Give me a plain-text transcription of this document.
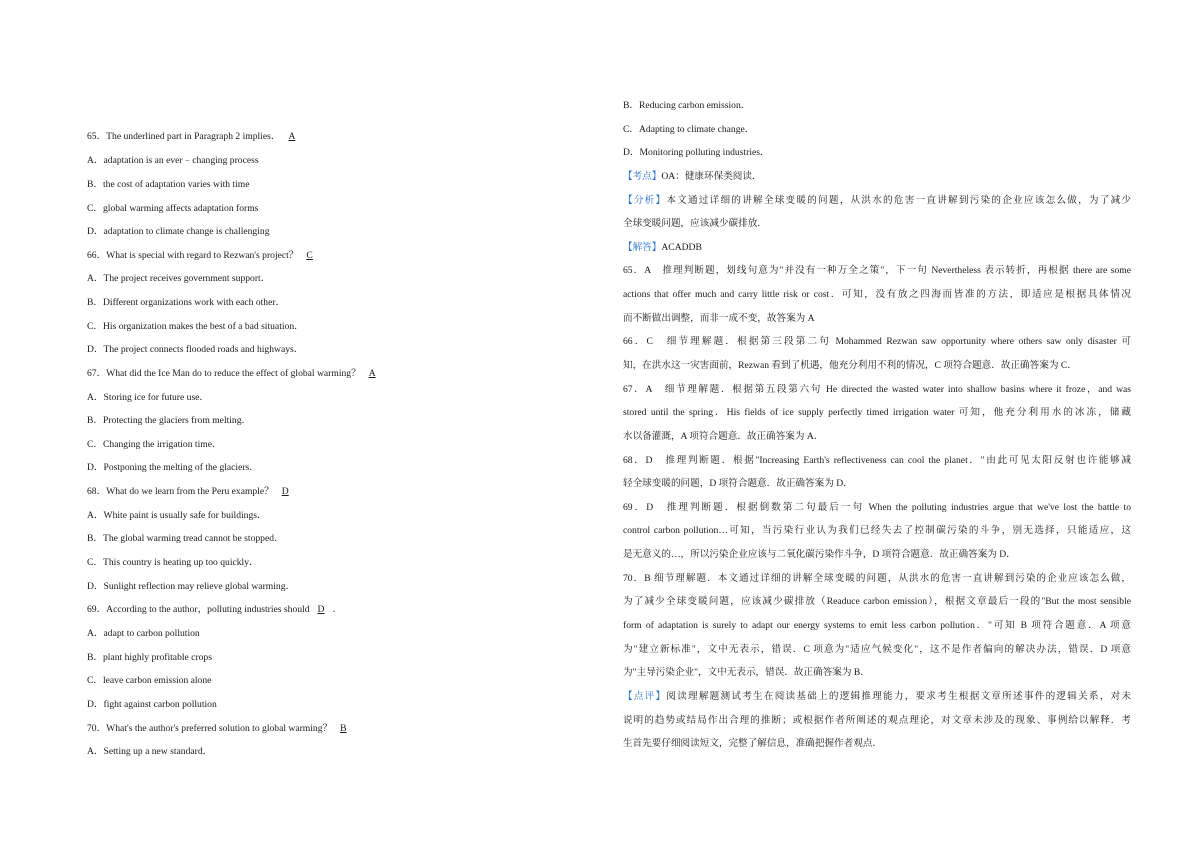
65．The underlined part in Paragraph 2 implies． A
A．adaptation is an ever﹣changing process
B．the cost of adaptation varies with time
C．global warming affects adaptation forms
D．adaptation to climate change is challenging
66．What is special with regard to Rezwan's project？ C
A．The project receives government support．
B．Different organizations work with each other．
C．His organization makes the best of a bad situation．
D．The project connects flooded roads and highways．
67．What did the Ice Man do to reduce the effect of global warming？ A
A．Storing ice for future use．
B．Protecting the glaciers from melting．
C．Changing the irrigation time．
D．Postponing the melting of the glaciers．
68．What do we learn from the Peru example？ D
A．White paint is usually safe for buildings．
B．The global warming tread cannot be stopped．
C．This country is heating up too quickly．
D．Sunlight reflection may relieve global warming．
69．According to the author，polluting industries should D ．
A．adapt to carbon pollution
B．plant highly profitable crops
C．leave carbon emission alone
D．fight against carbon pollution
70．What's the author's preferred solution to global warming？ B
A．Setting up a new standard．
B．Reducing carbon emission．
C．Adapting to climate change．
D．Monitoring polluting industries．
【考点】OA：健康环保类阅读．
【分析】本文通过详细的讲解全球变暖的问题，从洪水的危害一直讲解到污染的企业应该怎么做，为了减少
全球变暖问题，应该减少碳排放．
【解答】ACADDB
65．A　推理判断题，划线句意为"并没有一种万全之策"，下一句 Nevertheless 表示转折，再根据 there are some
actions that offer much and carry little risk or cost．可知，没有放之四海而皆准的方法，即适应是根据具体情况
而不断做出调整，而非一成不变，故答案为 A
66．C　细节理解题．根据第三段第二句 Mohammed Rezwan saw opportunity where others saw only disaster 可
知，在洪水这一灾害面前，Rezwan 看到了机遇，他充分利用不利的情况，C 项符合题意．故正确答案为 C．
67．A　细节理解题．根据第五段第六句 He directed the wasted water into shallow basins where it froze，and was
stored until the spring．His fields of ice supply perfectly timed irrigation water 可知，他充分利用水的冰冻，储藏
水以备灌溉，A 项符合题意．故正确答案为 A．
68．D　推理判断题．根据"Increasing Earth's reflectiveness can cool the planet．"由此可见太阳反射也许能够减
轻全球变暖的问题，D 项符合题意．故正确答案为 D．
69．D　推理判断题．根据倒数第二句最后一句 When the polluting industries argue that we've lost the battle to
control carbon pollution…可知，当污染行业认为我们已经失去了控制碳污染的斗争，别无选择，只能适应，这
是无意义的…，所以污染企业应该与二氧化碳污染作斗争，D 项符合题意．故正确答案为 D．
70．B 细节理解题．本文通过详细的讲解全球变暖的问题，从洪水的危害一直讲解到污染的企业应该怎么做，
为了减少全球变暖问题，应该减少碳排放（Readuce carbon emission），根据文章最后一段的"But the most sensible
form of adaptation is surely to adapt our energy systems to emit less carbon pollution．"可知 B 项符合题意．A 项意
为"建立新标准"，文中无表示，错误．C 项意为"适应气候变化"，这不是作者偏向的解决办法，错误．D 项意
为"主导污染企业"，文中无表示，错误．故正确答案为 B．
【点评】阅读理解题测试考生在阅读基础上的逻辑推理能力，要求考生根据文章所述事件的逻辑关系，对未
说明的趋势或结局作出合理的推断；或根据作者所阐述的观点理论，对文章未涉及的现象、事例给以解释．考
生首先要仔细阅读短文，完整了解信息，准确把握作者观点．
